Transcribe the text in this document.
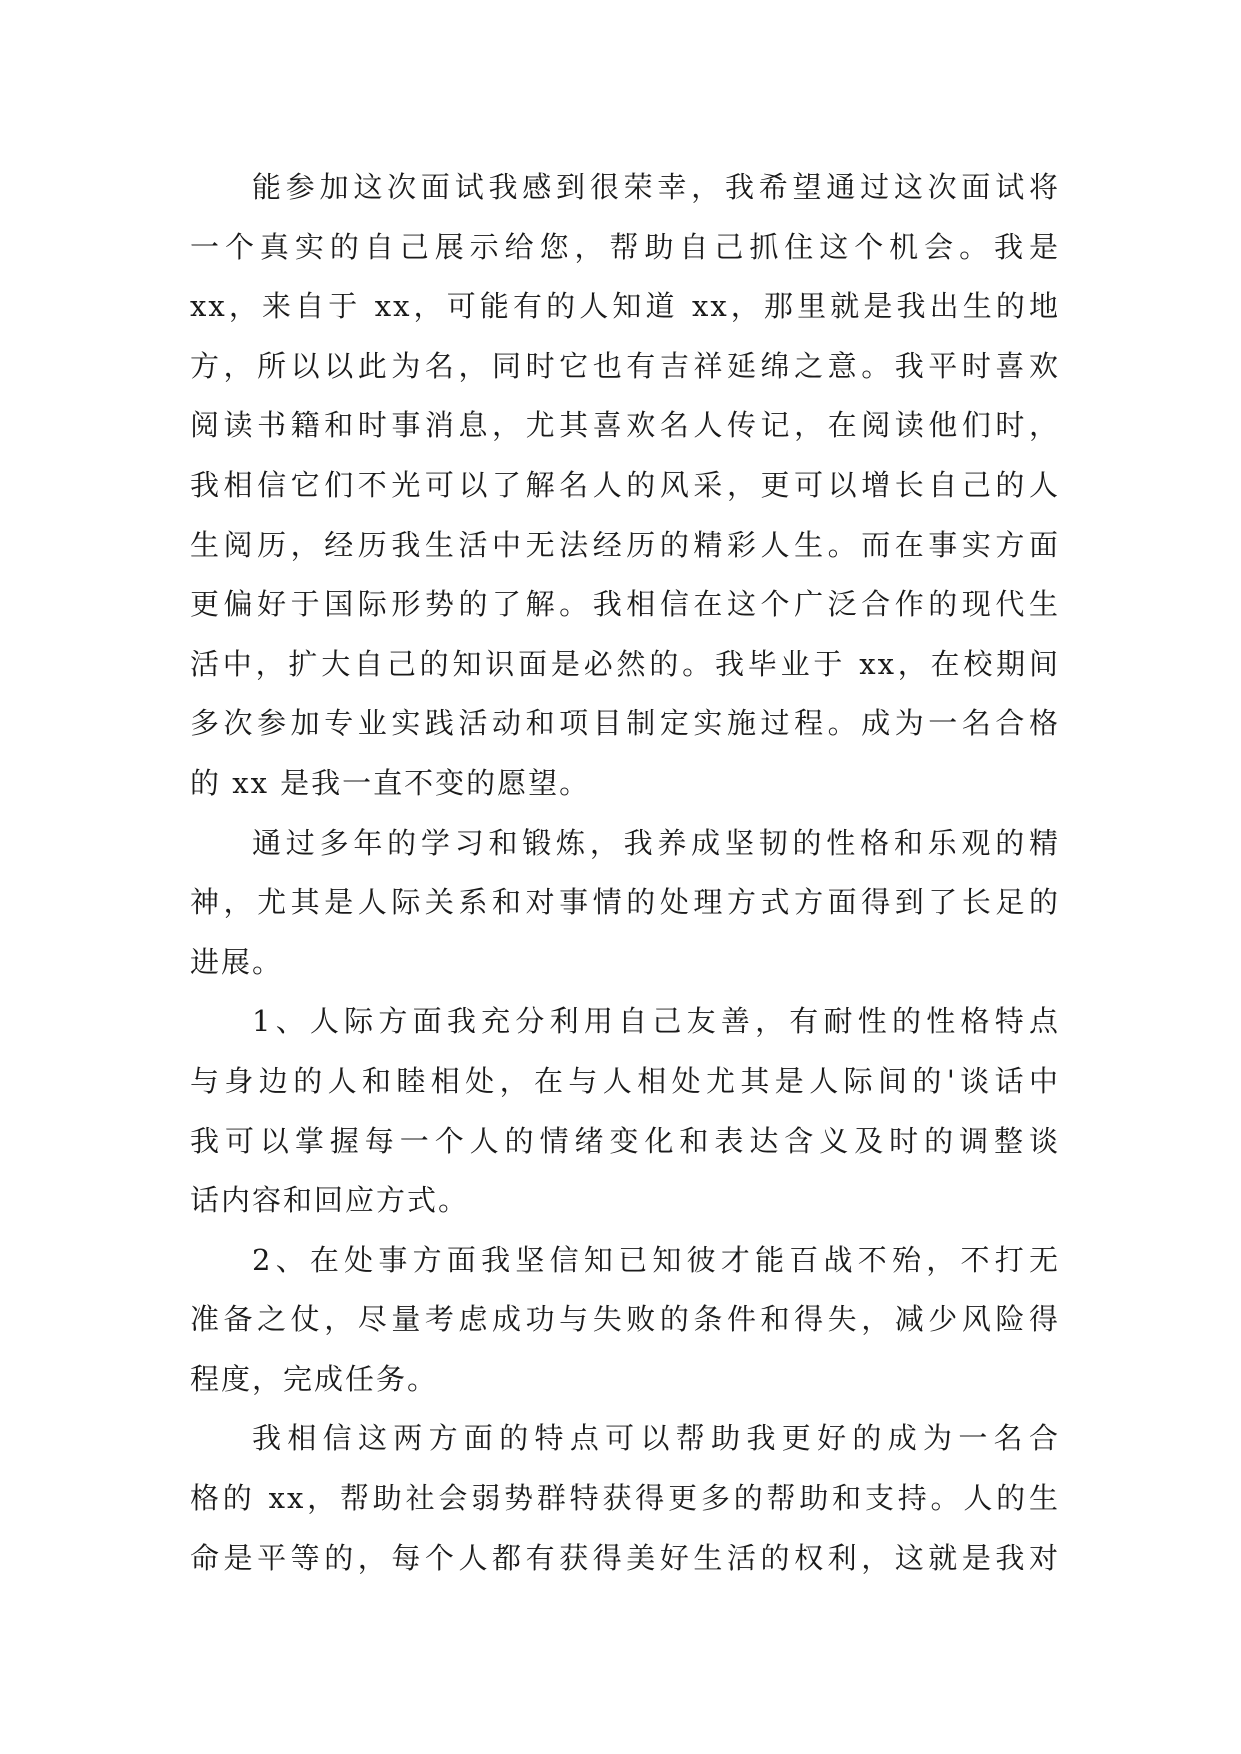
能参加这次面试我感到很荣幸，我希望通过这次面试将
一个真实的自己展示给您，帮助自己抓住这个机会。我是
xx，来自于 xx，可能有的人知道 xx，那里就是我出生的地
方，所以以此为名，同时它也有吉祥延绵之意。我平时喜欢
阅读书籍和时事消息，尤其喜欢名人传记，在阅读他们时，
我相信它们不光可以了解名人的风采，更可以增长自己的人
生阅历，经历我生活中无法经历的精彩人生。而在事实方面
更偏好于国际形势的了解。我相信在这个广泛合作的现代生
活中，扩大自己的知识面是必然的。我毕业于 xx，在校期间
多次参加专业实践活动和项目制定实施过程。成为一名合格
的 xx 是我一直不变的愿望。
通过多年的学习和锻炼，我养成坚韧的性格和乐观的精
神，尤其是人际关系和对事情的处理方式方面得到了长足的
进展。
1、人际方面我充分利用自己友善，有耐性的性格特点
与身边的人和睦相处，在与人相处尤其是人际间的'谈话中
我可以掌握每一个人的情绪变化和表达含义及时的调整谈
话内容和回应方式。
2、在处事方面我坚信知已知彼才能百战不殆，不打无
准备之仗，尽量考虑成功与失败的条件和得失，减少风险得
程度，完成任务。
我相信这两方面的特点可以帮助我更好的成为一名合
格的 xx，帮助社会弱势群特获得更多的帮助和支持。人的生
命是平等的，每个人都有获得美好生活的权利，这就是我对
